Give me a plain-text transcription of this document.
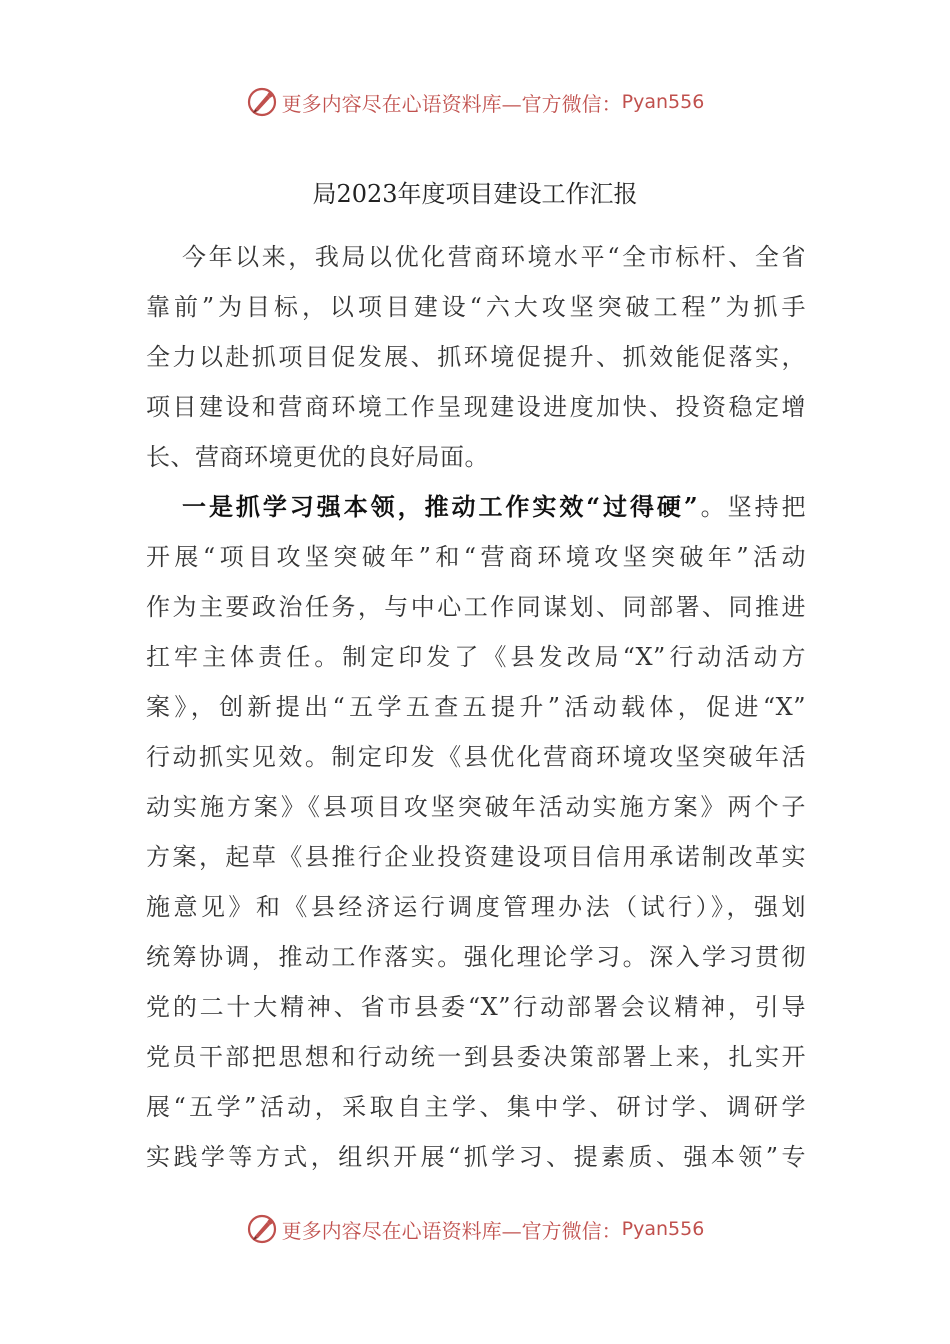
更多内容尽在心语资料库—官方微信： Pyan556
局2023年度项目建设工作汇报
今年以来，我局以优化营商环境水平“全市标杆、全省
靠前”为目标，以项目建设“六大攻坚突破工程”为抓手
全力以赴抓项目促发展、抓环境促提升、抓效能促落实，
项目建设和营商环境工作呈现建设进度加快、投资稳定增
长、营商环境更优的良好局面。
一是抓学习强本领，推动工作实效“过得硬”。坚持把
开展“项目攻坚突破年”和“营商环境攻坚突破年”活动
作为主要政治任务，与中心工作同谋划、同部署、同推进
扛牢主体责任。制定印发了《县发改局“X”行动活动方
案》，创新提出“五学五查五提升”活动载体，促进“X”
行动抓实见效。制定印发《县优化营商环境攻坚突破年活
动实施方案》《县项目攻坚突破年活动实施方案》两个子
方案，起草《县推行企业投资建设项目信用承诺制改革实
施意见》和《县经济运行调度管理办法（试行）》，强划
统筹协调，推动工作落实。强化理论学习。深入学习贯彻
党的二十大精神、省市县委“X”行动部署会议精神，引导
党员干部把思想和行动统一到县委决策部署上来，扎实开
展“五学”活动，采取自主学、集中学、研讨学、调研学
实践学等方式，组织开展“抓学习、提素质、强本领”专
更多内容尽在心语资料库—官方微信： Pyan556
